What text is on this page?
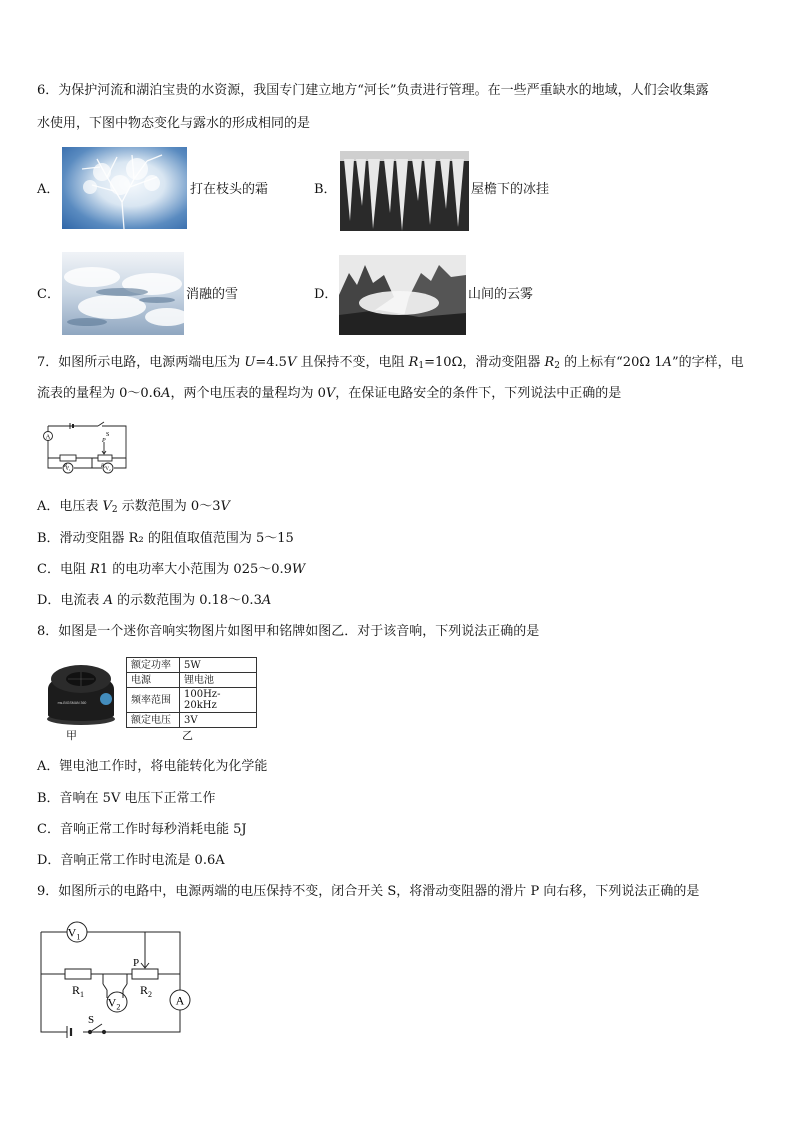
6．为保护河流和湖泊宝贵的水资源，我国专门建立地方“河长”负责进行管理。在一些严重缺水的地域，人们会收集露
水使用，下图中物态变化与露水的形成相同的是
A．	打在枝头的霜	B．	屋檐下的冰挂
C．	消融的雪	D．	山间的云雾
7．如图所示电路，电源两端电压为 U=4.5V 且保持不变，电阻 $R_1=10\Omega$，滑动变阻器 $R_2$ 的上标有“20Ω 1A”的字样，电
流表的量程为 0～0.6A，两个电压表的量程均为 0V，在保证电路安全的条件下，下列说法中正确的是
A	S
P
R₁	R₂
V₁	V₂
A．电压表 $V_2$ 示数范围为 0～3V
B．滑动变阻器 R₂ 的阻值取值范围为 5～15
C．电阻 R1 的电功率大小范围为 025～0.9W
D．电流表 A 的示数范围为 0.18～0.3A
8．如图是一个迷你音响实物图片如图甲和铭牌如图乙．对于该音响，下列说法正确的是
ms-BIGSMAN 360
甲
额定功率	5W
电源	锂电池
频率范围	100Hz-20kHz
额定电压	3V
乙
A．锂电池工作时，将电能转化为化学能
B．音响在 5V 电压下正常工作
C．音响正常工作时每秒消耗电能 5J
D．音响正常工作时电流是 0.6A
9．如图所示的电路中，电源两端的电压保持不变，闭合开关 S，将滑动变阻器的滑片 P 向右移，下列说法正确的是
$V_1$
$V_2$	A
P
$R_1$	$R_2$
S
